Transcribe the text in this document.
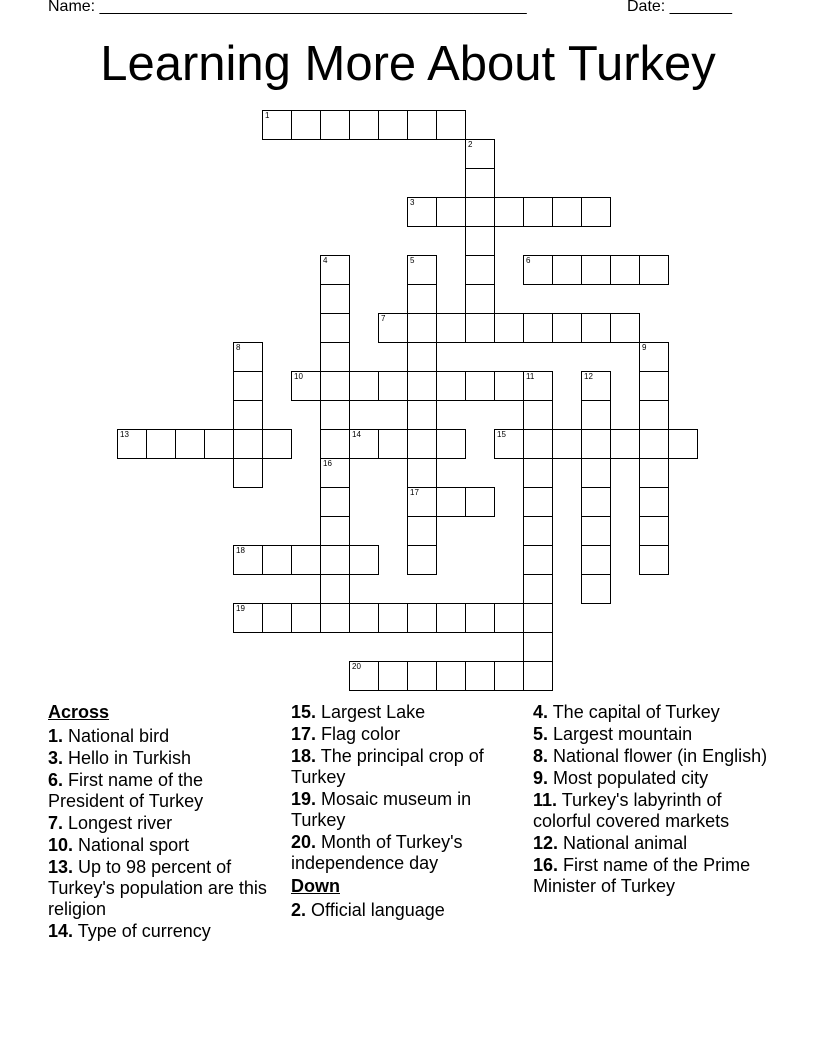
Name: ________________________________________________	Date: _______
Learning More About Turkey
1
2
3
4	5
17
6
7
8	9
10	11	12
13	14	15
16
18
19
20
Across
1. National bird
3. Hello in Turkish
6. First name of the President of Turkey
7. Longest river
10. National sport
13. Up to 98 percent of Turkey's population are this religion
14. Type of currency
15. Largest Lake
17. Flag color
18. The principal crop of Turkey
19. Mosaic museum in Turkey
20. Month of Turkey's independence day
Down
2. Official language
4. The capital of Turkey
5. Largest mountain
8. National flower (in English)
9. Most populated city
11. Turkey's labyrinth of colorful covered markets
12. National animal
16. First name of the Prime Minister of Turkey
